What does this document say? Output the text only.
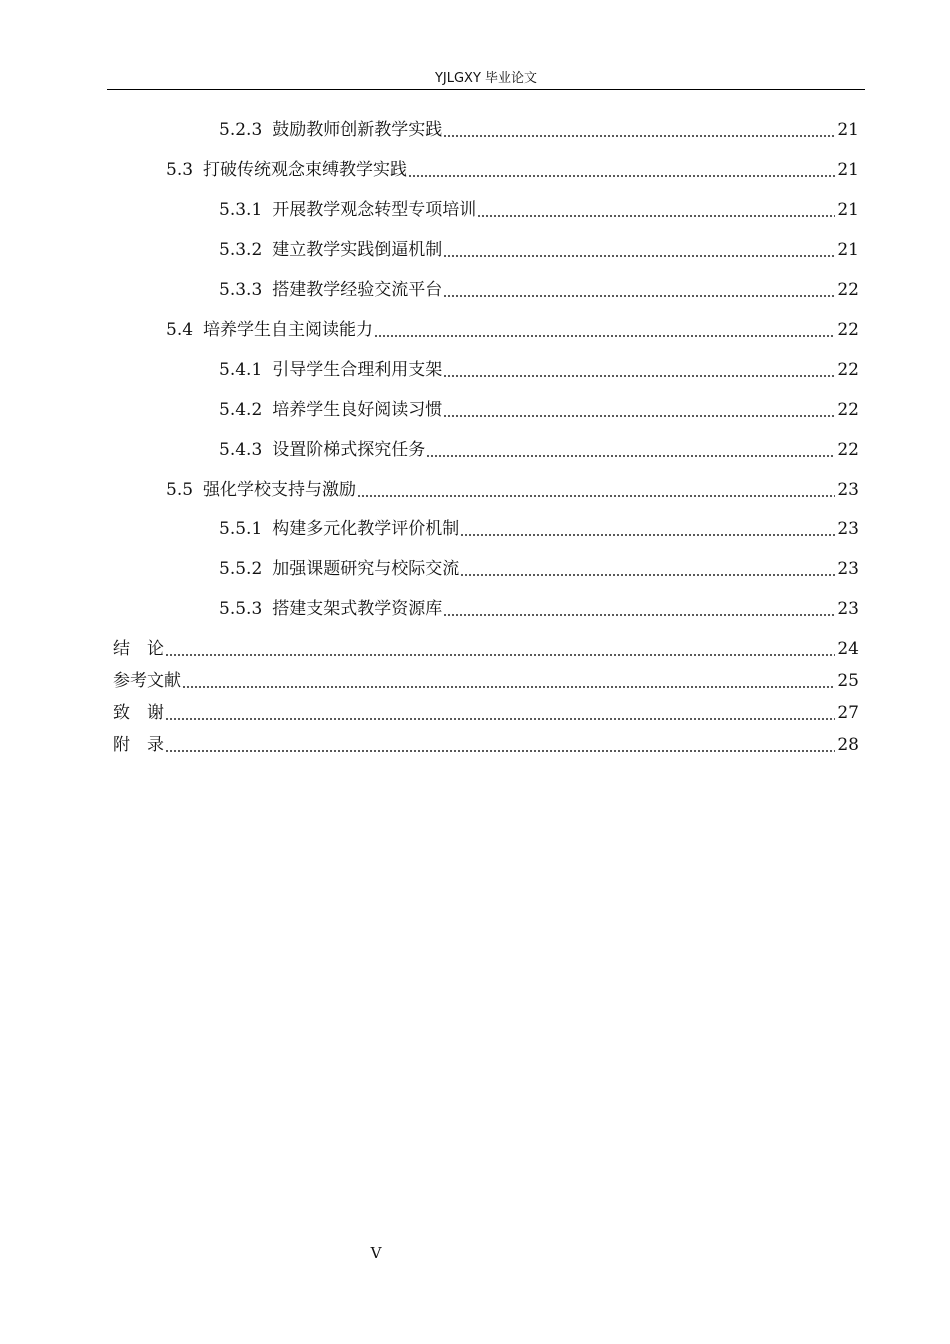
YJLGXY 毕业论文
5.2.3 鼓励教师创新教学实践	21
5.3 打破传统观念束缚教学实践	21
5.3.1 开展教学观念转型专项培训	21
5.3.2 建立教学实践倒逼机制	21
5.3.3 搭建教学经验交流平台	22
5.4 培养学生自主阅读能力	22
5.4.1 引导学生合理利用支架	22
5.4.2 培养学生良好阅读习惯	22
5.4.3 设置阶梯式探究任务	22
5.5 强化学校支持与激励	23
5.5.1 构建多元化教学评价机制	23
5.5.2 加强课题研究与校际交流	23
5.5.3 搭建支架式教学资源库	23
结　论	24
参考文献	25
致　谢	27
附　录	28
V
